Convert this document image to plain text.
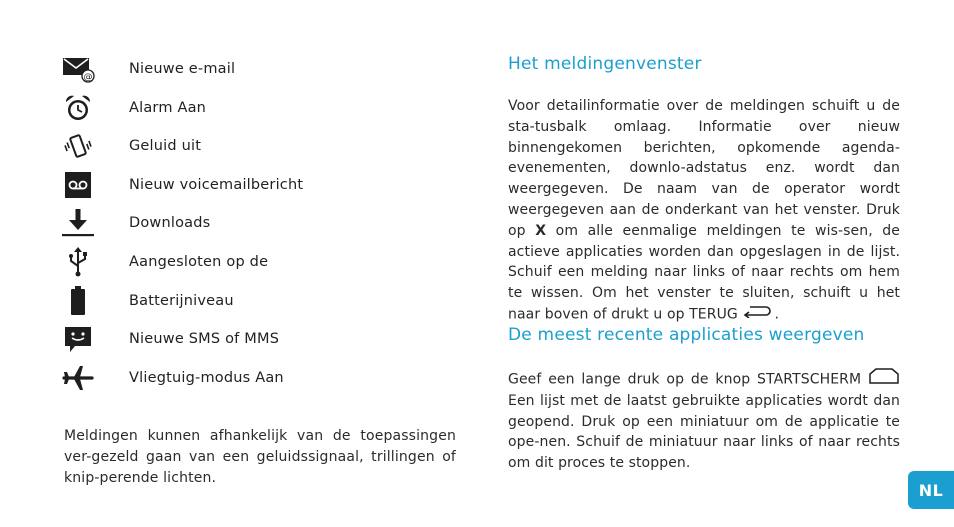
@
Nieuwe e-mail
Alarm Aan
Geluid uit
Nieuw voicemailbericht
Downloads
Aangesloten op de
Batterijniveau
Nieuwe SMS of MMS
Vliegtuig-modus Aan

Meldingen kunnen afhankelijk van de toepassingen ver-gezeld gaan van een geluidssignaal, trillingen of knip-perende lichten.

Het meldingenvenster

Voor detailinformatie over de meldingen schuift u de sta-tusbalk omlaag. Informatie over nieuw binnengekomen berichten, opkomende agenda-evenementen, downlo-adstatus enz. wordt dan weergegeven. De naam van de operator wordt weergegeven aan de onderkant van het venster. Druk op X om alle eenmalige meldingen te wis-sen, de actieve applicaties worden dan opgeslagen in de lijst. Schuif een melding naar links of naar rechts om hem te wissen. Om het venster te sluiten, schuift u het naar boven of drukt u op TERUG	.

De meest recente applicaties weergeven

Geef een lange druk op de knop STARTSCHERM  Een lijst met de laatst gebruikte applicaties wordt dan geopend. Druk op een miniatuur om de applicatie te ope-nen. Schuif de miniatuur naar links of naar rechts om dit proces te stoppen.

NL
